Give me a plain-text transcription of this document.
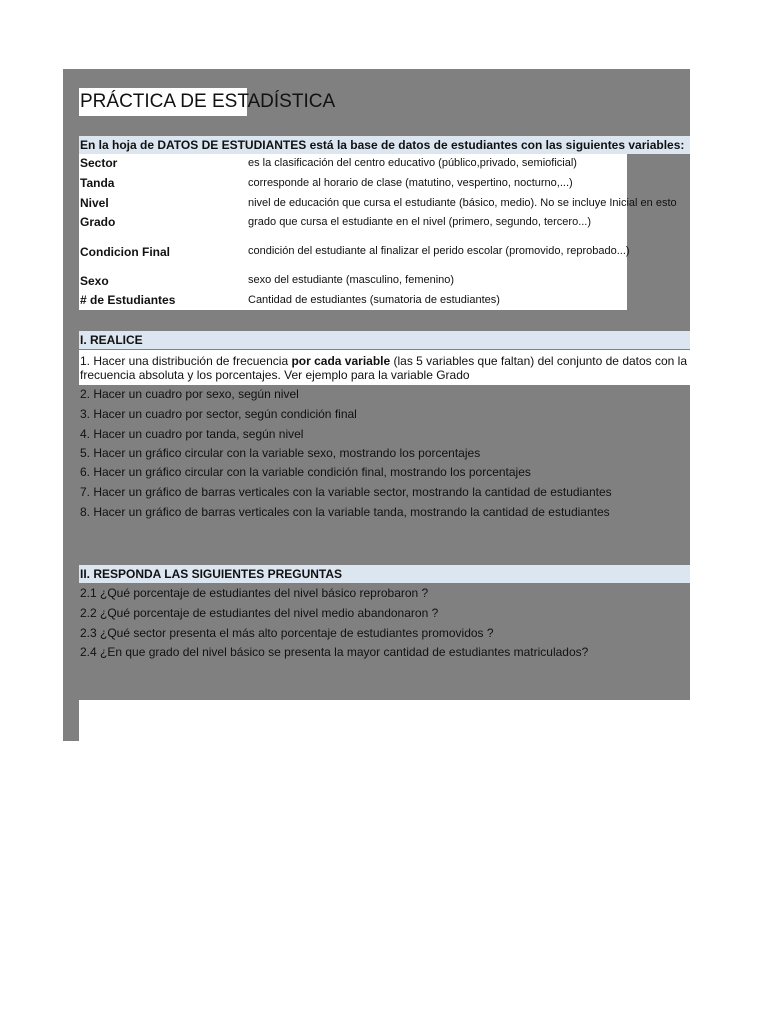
PRÁCTICA DE ESTADÍSTICA
En la hoja de DATOS DE ESTUDIANTES está la base de datos de estudiantes con las siguientes variables:
Sector	es la clasificación del centro educativo (público,privado, semioficial)
Tanda	corresponde al horario de clase (matutino, vespertino, nocturno,...)
Nivel	nivel de educación que cursa el estudiante (básico, medio). No se incluye Inicial en esto
Grado	grado que cursa el estudiante en el nivel (primero, segundo, tercero...)
Condicion Final	condición del estudiante al finalizar el perido escolar (promovido, reprobado...)
Sexo	sexo del estudiante (masculino, femenino)
# de Estudiantes	Cantidad de estudiantes (sumatoria de estudiantes)
I. REALICE
1. Hacer una distribución de frecuencia por cada variable (las 5 variables que faltan) del conjunto de datos con la frecuencia absoluta y los porcentajes. Ver ejemplo para la variable Grado
2. Hacer un cuadro por sexo, según nivel
3. Hacer un cuadro por sector, según condición final
4. Hacer un cuadro por tanda, según nivel
5. Hacer un gráfico circular con la variable sexo, mostrando los porcentajes
6. Hacer un gráfico circular con la variable condición final, mostrando los porcentajes
7. Hacer un gráfico de barras verticales con la variable sector, mostrando la cantidad de estudiantes
8. Hacer un gráfico de barras verticales con la variable tanda, mostrando la cantidad de estudiantes
II. RESPONDA LAS SIGUIENTES PREGUNTAS
2.1 ¿Qué porcentaje de estudiantes del nivel básico reprobaron ?
2.2 ¿Qué porcentaje de estudiantes del nivel medio abandonaron ?
2.3 ¿Qué sector presenta el más alto porcentaje de estudiantes promovidos ?
2.4 ¿En que grado del nivel básico se presenta la mayor cantidad de estudiantes matriculados?
